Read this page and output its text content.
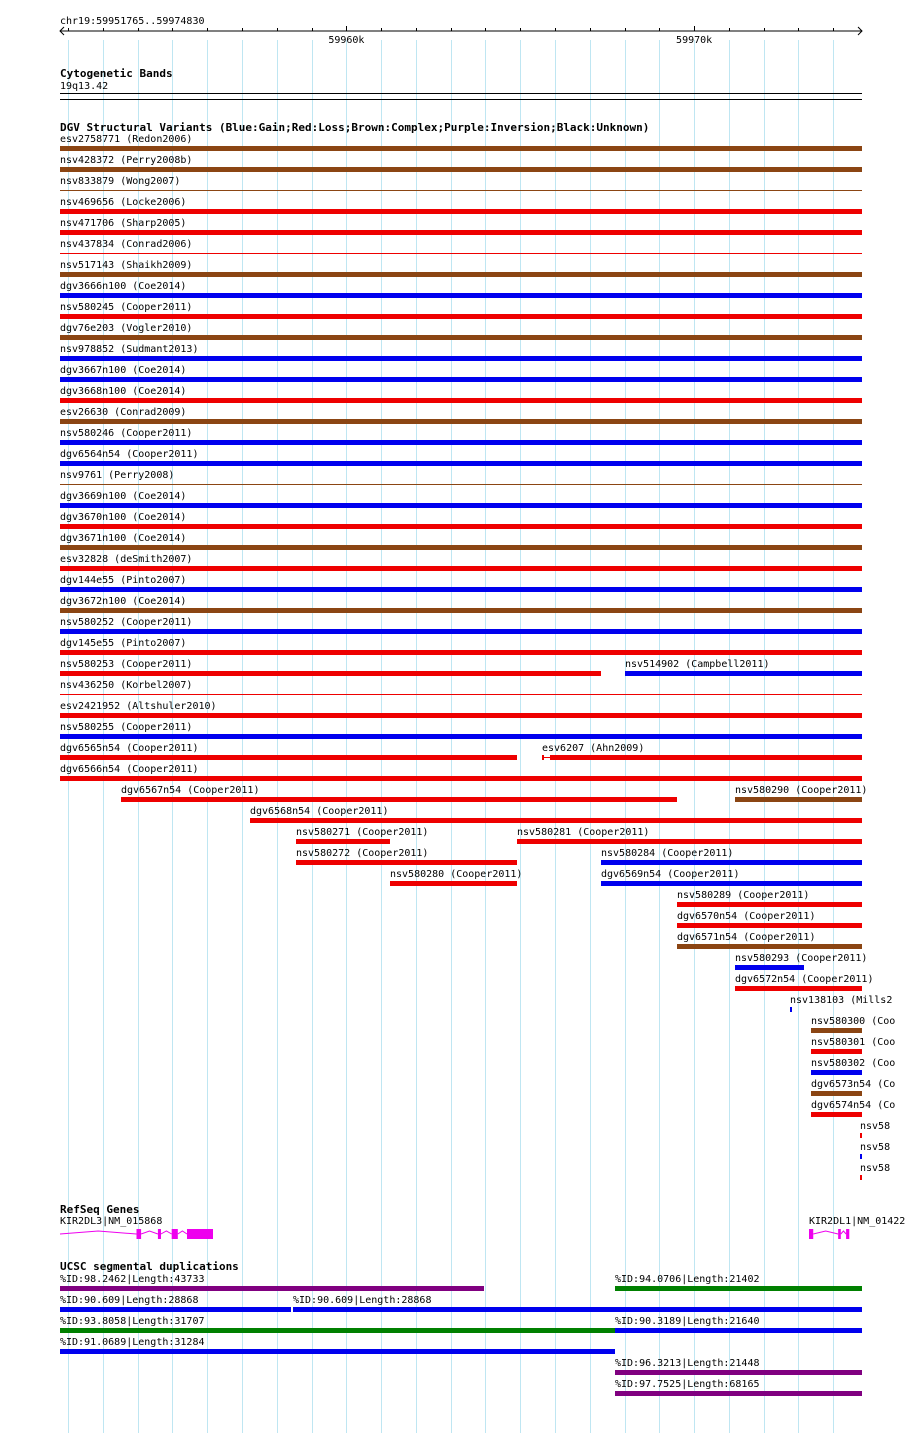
chr19:59951765..59974830
59960k	59970k
Cytogenetic Bands
19q13.42
DGV Structural Variants (Blue:Gain;Red:Loss;Brown:Complex;Purple:Inversion;Black:Unknown)
esv2758771 (Redon2006)
nsv428372 (Perry2008b)
nsv833879 (Wong2007)
nsv469656 (Locke2006)
nsv471706 (Sharp2005)
nsv437834 (Conrad2006)
nsv517143 (Shaikh2009)
dgv3666n100 (Coe2014)
nsv580245 (Cooper2011)
dgv76e203 (Vogler2010)
nsv978852 (Sudmant2013)
dgv3667n100 (Coe2014)
dgv3668n100 (Coe2014)
esv26630 (Conrad2009)
nsv580246 (Cooper2011)
dgv6564n54 (Cooper2011)
nsv9761 (Perry2008)
dgv3669n100 (Coe2014)
dgv3670n100 (Coe2014)
dgv3671n100 (Coe2014)
esv32828 (deSmith2007)
dgv144e55 (Pinto2007)
dgv3672n100 (Coe2014)
nsv580252 (Cooper2011)
dgv145e55 (Pinto2007)
nsv580253 (Cooper2011)	nsv514902 (Campbell2011)
nsv436250 (Korbel2007)
esv2421952 (Altshuler2010)
nsv580255 (Cooper2011)
dgv6565n54 (Cooper2011)	esv6207 (Ahn2009)
dgv6566n54 (Cooper2011)
dgv6567n54 (Cooper2011)	nsv580290 (Cooper2011)
dgv6568n54 (Cooper2011)
nsv580271 (Cooper2011)	nsv580281 (Cooper2011)
nsv580272 (Cooper2011)	nsv580284 (Cooper2011)
nsv580280 (Cooper2011)	dgv6569n54 (Cooper2011)
nsv580289 (Cooper2011)
dgv6570n54 (Cooper2011)
dgv6571n54 (Cooper2011)
nsv580293 (Cooper2011)
dgv6572n54 (Cooper2011)
nsv138103 (Mills2
nsv580300 (Coo
nsv580301 (Coo
nsv580302 (Coo
dgv6573n54 (Co
dgv6574n54 (Co
nsv58
nsv58
nsv58
RefSeq Genes
KIR2DL3|NM_015868	KIR2DL1|NM_01422
UCSC segmental duplications
%ID:98.2462|Length:43733	%ID:94.0706|Length:21402
%ID:90.609|Length:28868	%ID:90.609|Length:28868
%ID:93.8058|Length:31707	%ID:90.3189|Length:21640
%ID:91.0689|Length:31284
%ID:96.3213|Length:21448
%ID:97.7525|Length:68165
